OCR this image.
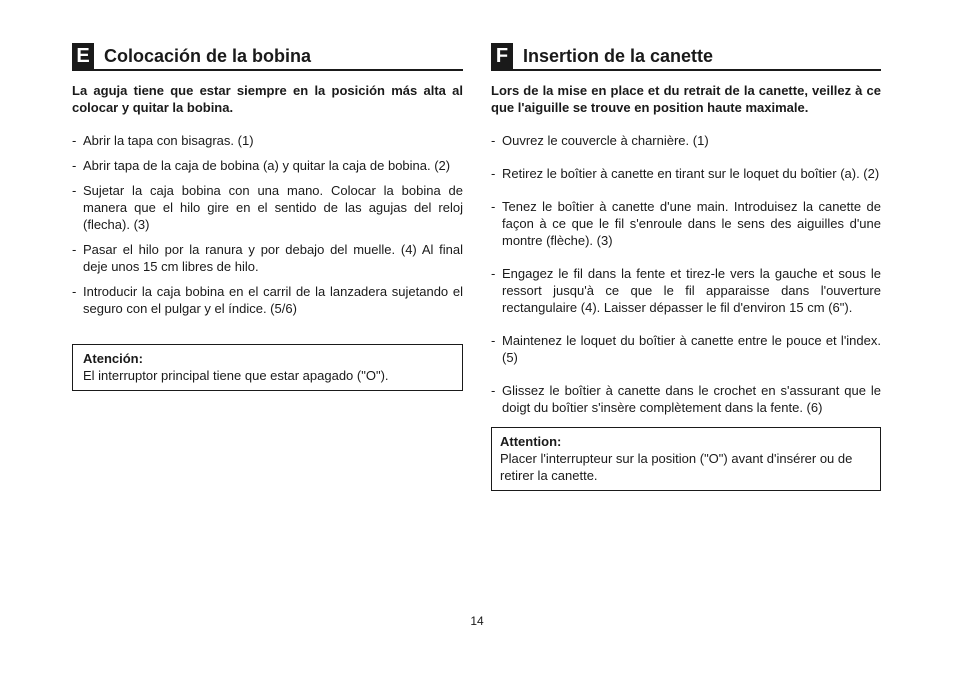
E Colocación de la bobina
La aguja tiene que estar siempre en la posición más alta al colocar y quitar la bobina.
- Abrir la tapa con bisagras. (1)
- Abrir tapa de la caja de bobina (a) y quitar la caja de bobina. (2)
- Sujetar la caja bobina con una mano. Colocar la bobina de manera que el hilo gire en el sentido de las agujas del reloj (flecha). (3)
- Pasar el hilo por la ranura y por debajo del muelle. (4) Al final deje unos 15 cm libres de hilo.
- Introducir la caja bobina en el carril de la lanzadera sujetando el seguro con el pulgar y el índice. (5/6)
Atención:
El interruptor principal tiene que estar apagado ("O").
F Insertion de la canette
Lors de la mise en place et du retrait de la canette, veillez à ce que l'aiguille se trouve en position haute maximale.
- Ouvrez le couvercle à charnière. (1)
- Retirez le boîtier à canette en tirant sur le loquet du boîtier (a). (2)
- Tenez le boîtier à canette d'une main. Introduisez la canette de façon à ce que le fil s'enroule dans le sens des aiguilles d'une montre (flèche). (3)
- Engagez le fil dans la fente et tirez-le vers la gauche et sous le ressort jusqu'à ce que le fil apparaisse dans l'ouverture rectangulaire (4). Laisser dépasser le fil d'environ 15 cm (6").
- Maintenez le loquet du boîtier à canette entre le pouce et l'index. (5)
- Glissez le boîtier à canette dans le crochet en s'assurant que le doigt du boîtier s'insère complètement dans la fente. (6)
Attention:
Placer l'interrupteur sur la position ("O") avant d'insérer ou de retirer la canette.
14
